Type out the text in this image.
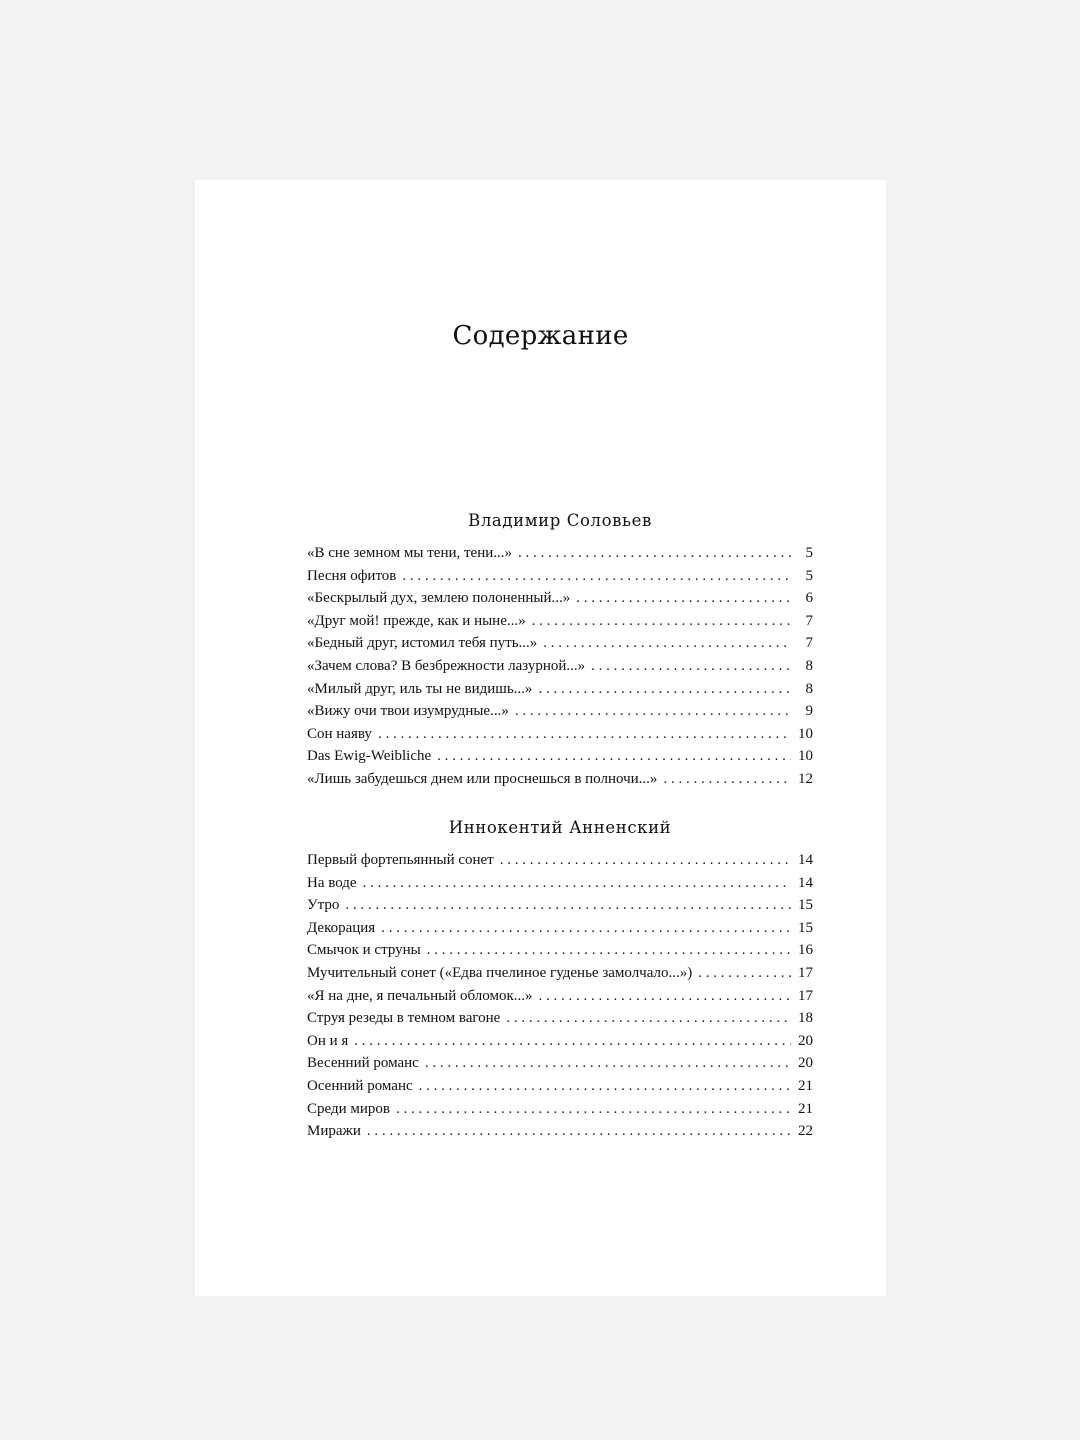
Содержание
Владимир Соловьев
«В сне земном мы тени, тени...» . . .	5
Песня офитов . . .	5
«Бескрылый дух, землею полоненный...» . . .	6
«Друг мой! прежде, как и ныне...» . . .	7
«Бедный друг, истомил тебя путь...» . . .	7
«Зачем слова? В безбрежности лазурной...» . . .	8
«Милый друг, иль ты не видишь...» . . .	8
«Вижу очи твои изумрудные...» . . .	9
Сон наяву . . .	10
Das Ewig-Weibliche . . .	10
«Лишь забудешься днем или проснешься в полночи...» . . .	12
Иннокентий Анненский
Первый фортепьянный сонет . . .	14
На воде . . .	14
Утро . . .	15
Декорация . . .	15
Смычок и струны . . .	16
Мучительный сонет («Едва пчелиное гуденье замолчало...») . . .	17
«Я на дне, я печальный обломок...» . . .	17
Струя резеды в темном вагоне . . .	18
Он и я . . .	20
Весенний романс . . .	20
Осенний романс . . .	21
Среди миров . . .	21
Миражи . . .	22
